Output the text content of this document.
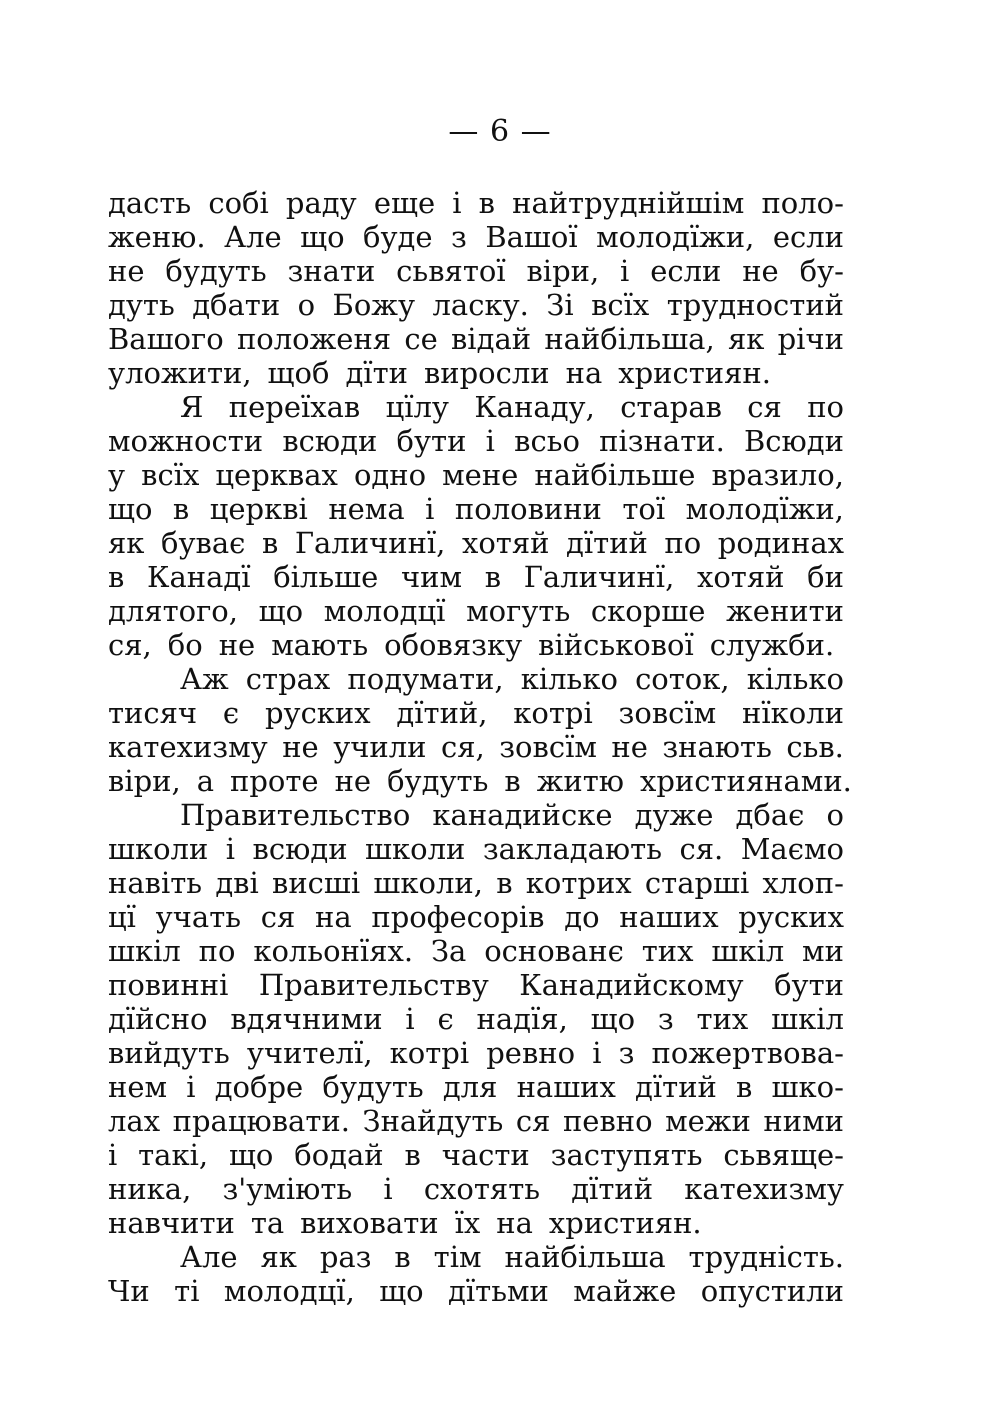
— 6 —
дасть собі раду еще і в найтруднійшім поло-
женю. Але що буде з Вашої молодїжи, если
не будуть знати сьвятої віри, і если не бу-
дуть дбати о Божу ласку. Зі всїх трудностий
Вашого положеня се відай найбільша, як річи
уложити, щоб дїти виросли на християн.
Я переїхав цїлу Канаду, старав ся по
можности всюди бути і всьо пізнати. Всюди
у всїх церквах одно мене найбільше вразило,
що в церкві нема і половини тої молодїжи,
як буває в Галичинї, хотяй дїтий по родинах
в Канадї більше чим в Галичинї, хотяй би
длятого, що молодцї могуть скорше женити
ся, бо не мають обовязку військової служби.
Аж страх подумати, кілько соток, кілько
тисяч є руских дїтий, котрі зовсїм нїколи
катехизму не учили ся, зовсїм не знають сьв.
віри, а проте не будуть в житю християнами.
Правительство канадийске дуже дбає о
школи і всюди школи закладають ся. Маємо
навіть дві висші школи, в котрих старші хлоп-
цї учать ся на професорів до наших руских
шкіл по кольонїях. За основанє тих шкіл ми
повинні Правительству Канадийскому бути
дїйсно вдячними і є надїя, що з тих шкіл
вийдуть учителї, котрі ревно і з пожертвова-
нем і добре будуть для наших дїтий в шко-
лах працювати. Знайдуть ся певно межи ними
і такі, що бодай в части заступять сьвяще-
ника, з'уміють і схотять дїтий катехизму
навчити та виховати їх на християн.
Але як раз в тім найбільша трудність.
Чи ті молодцї, що дїтьми майже опустили
